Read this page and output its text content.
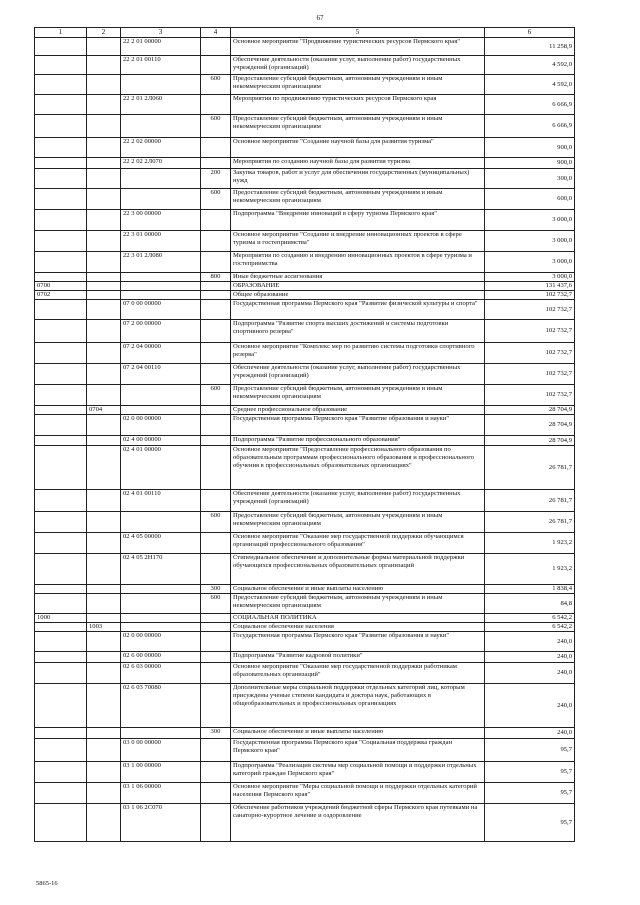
67
1	2	3	4	5	6
		22 2 01 00000		Основное мероприятие "Продвижение туристических ресурсов Пермского края"	11 258,9
		22 2 01 00110		Обеспечение деятельности (оказание услуг, выполнение работ) государственных учреждений (организаций)	4 592,0
			600	Предоставление субсидий бюджетным, автономным учреждениям и иным некоммерческим организациям	4 592,0
		22 2 01 2Л060		Мероприятия по продвижению туристических ресурсов Пермского края	6 666,9
			600	Предоставление субсидий бюджетным, автономным учреждениям и иным некоммерческим организациям	6 666,9
		22 2 02 00000		Основное мероприятие "Создание научной базы для развития туризма"	900,0
		22 2 02 2Л070		Мероприятия по созданию научной базы для развития туризма	900,0
			200	Закупка товаров, работ и услуг для обеспечения государственных (муниципальных) нужд	300,0
			600	Предоставление субсидий бюджетным, автономным учреждениям и иным некоммерческим организациям	600,0
		22 3 00 00000		Подпрограмма "Внедрение инноваций в сферу туризма Пермского края"	3 000,0
		22 3 01 00000		Основное мероприятие "Создание и внедрение инновационных проектов в сфере туризма и гостеприимства"	3 000,0
		22 3 01 2Л080		Мероприятия по созданию и внедрению инновационных проектов в сфере туризма и гостеприимства	3 000,0
			800	Иные бюджетные ассигнования	3 000,0
0700				ОБРАЗОВАНИЕ	131 437,6
0702				Общее образование	102 732,7
		07 0 00 00000		Государственная программа Пермского края "Развитие физической культуры и спорта"	102 732,7
		07 2 00 00000		Подпрограмма "Развитие спорта высших достижений и системы подготовки спортивного резерва"	102 732,7
		07 2 04 00000		Основное мероприятие "Комплекс мер по развитию системы подготовки спортивного резерва"	102 732,7
		07 2 04 00110		Обеспечение деятельности (оказание услуг, выполнение работ) государственных учреждений (организаций)	102 732,7
			600	Предоставление субсидий бюджетным, автономным учреждениям и иным некоммерческим организациям	102 732,7
	0704			Среднее профессиональное образование	28 704,9
		02 0 00 00000		Государственная программа Пермского края "Развитие образования и науки"	28 704,9
		02 4 00 00000		Подпрограмма "Развитие профессионального образования"	28 704,9
		02 4 01 00000		Основное мероприятие "Предоставление профессионального образования по образовательным программам профессионального образования и профессионального обучения в профессиональных образовательных организациях"	26 781,7
		02 4 01 00110		Обеспечение деятельности (оказание услуг, выполнение работ) государственных учреждений (организаций)	26 781,7
			600	Предоставление субсидий бюджетным, автономным учреждениям и иным некоммерческим организациям	26 781,7
		02 4 05 00000		Основное мероприятие "Оказание мер государственной поддержки обучающимся организаций профессионального образования"	1 923,2
		02 4 05 2Н170		Стипендиальное обеспечение и дополнительные формы материальной поддержки обучающихся профессиональных образовательных организаций	1 923,2
			300	Социальное обеспечение и иные выплаты населению	1 838,4
			600	Предоставление субсидий бюджетным, автономным учреждениям и иным некоммерческим организациям	84,8
1000				СОЦИАЛЬНАЯ ПОЛИТИКА	6 542,2
	1003			Социальное обеспечение населения	6 542,2
		02 0 00 00000		Государственная программа Пермского края "Развитие образования и науки"	240,0
		02 6 00 00000		Подпрограмма "Развитие кадровой политики"	240,0
		02 6 03 00000		Основное мероприятие "Оказание мер государственной поддержки работникам образовательных организаций"	240,0
		02 6 03 70080		Дополнительные меры социальной поддержки отдельных категорий лиц, которым присуждены ученые степени кандидата и доктора наук, работающих в общеобразовательных и профессиональных организациях	240,0
			300	Социальное обеспечение и иные выплаты населению	240,0
		03 0 00 00000		Государственная программа Пермского края "Социальная поддержка граждан Пермского края"	95,7
		03 1 00 00000		Подпрограмма "Реализация системы мер социальной помощи и поддержки отдельных категорий граждан Пермского края"	95,7
		03 1 06 00000		Основное мероприятие "Меры социальной помощи и поддержки отдельных категорий населения Пермского края"	95,7
		03 1 06 2С070		Обеспечение работников учреждений бюджетной сферы Пермского края путевками на санаторно-курортное лечение и оздоровление	95,7
5865-16
